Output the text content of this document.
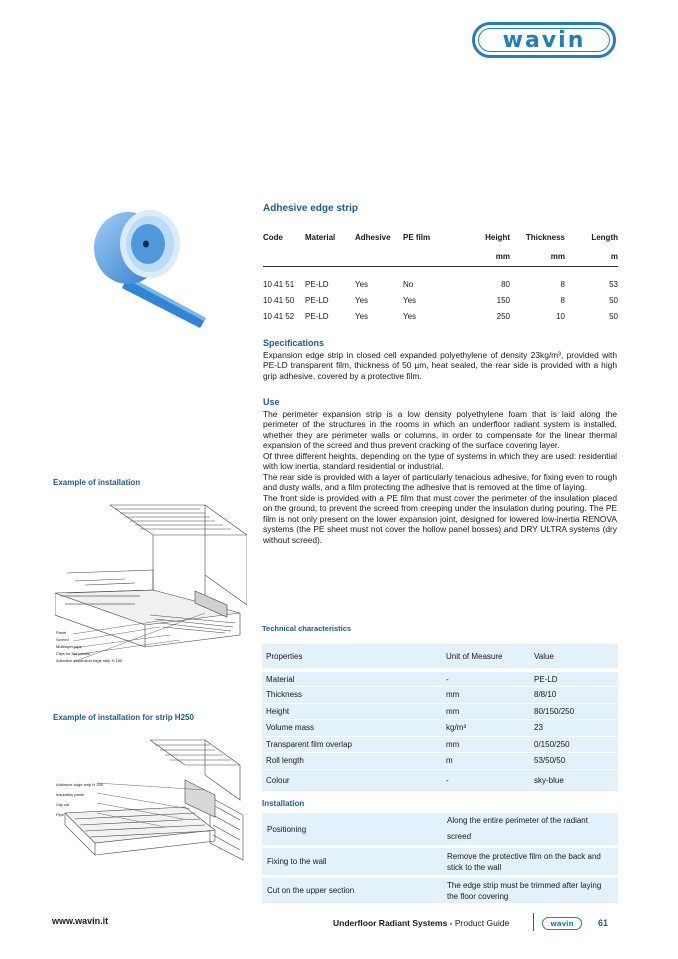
wavin
Adhesive edge strip
Code	Material	Adhesive	PE film	Height	Thickness	Length
				mm	mm	m

10 41 51	PE-LD	Yes	No	80	8	53
10 41 50	PE-LD	Yes	Yes	150	8	50
10 41 52	PE-LD	Yes	Yes	250	10	50
Specifications

Expansion edge strip in closed cell expanded polyethylene of density 23kg/m³, provided with PE-LD transparent film, thickness of 50 µm, heat sealed, the rear side is provided with a high grip adhesive, covered by a protective film.

Use

The perimeter expansion strip is a low density polyethylene foam that is laid along the perimeter of the structures in the rooms in which an underfloor radiant system is installed, whether they are perimeter walls or columns, in order to compensate for the linear thermal expansion of the screed and thus prevent cracking of the surface covering layer.

Of three different heights, depending on the type of systems in which they are used: residential with low inertia, standard residential or industrial.

The rear side is provided with a layer of particularly tenacious adhesive, for fixing even to rough and dusty walls, and a film protecting the adhesive that is removed at the time of laying.

The front side is provided with a PE film that must cover the perimeter of the insulation placed on the ground, to prevent the screed from creeping under the insulation during pouring. The PE film is not only present on the lower expansion joint, designed for lowered low-inertia RENOVA systems (the PE sheet must not cover the hollow panel bosses) and DRY ULTRA systems (dry without screed).

Example of installation
Panel
Screed
Multilayer pipe
Clips for flat panels
Adhesive expansion edge strip H 150
Example of installation for strip H250
Adhesive edge strip H 250
Insulation panel
Clip rail
Pipe
Technical characteristics
Properties	Unit of Measure	Value
Material	-	PE-LD
Thickness	mm	8/8/10
Height	mm	80/150/250
Volume mass	kg/m³	23
Transparent film overlap	mm	0/150/250
Roll length	m	53/50/50
Colour	-	sky-blue
Installation
Positioning	Along the entire perimeter of the radiant screed
Fixing to the wall	Remove the protective film on the back and stick to the wall
Cut on the upper section	The edge strip must be trimmed after laying the floor covering
www.wavin.it	Underfloor Radiant Systems - Product Guide	wavin	61
